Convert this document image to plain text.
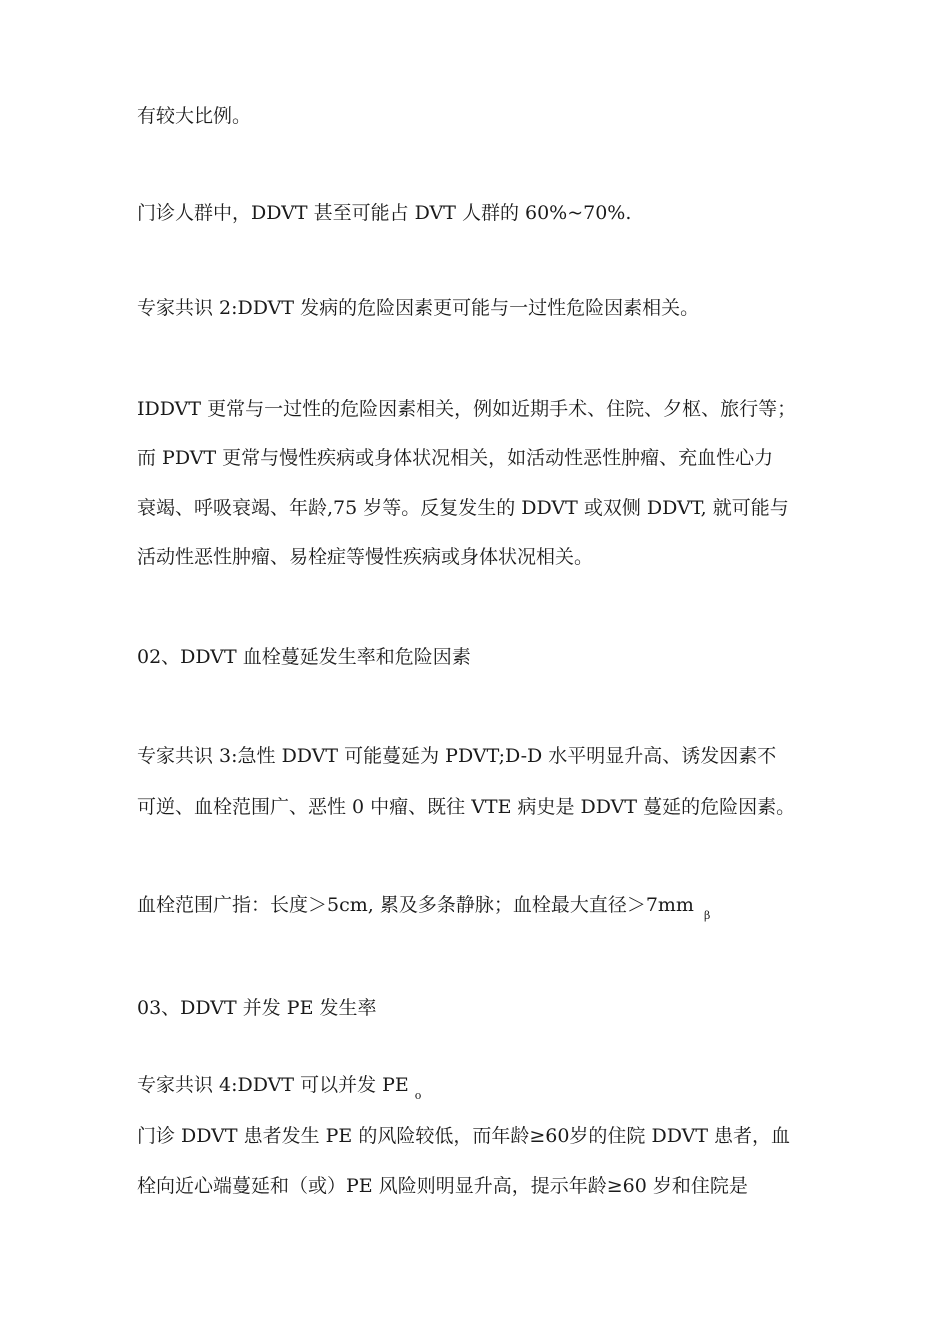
有较大比例。
门诊人群中，DDVT 甚至可能占 DVT 人群的 60%~70%.
专家共识 2:DDVT 发病的危险因素更可能与一过性危险因素相关。
IDDVT 更常与一过性的危险因素相关，例如近期手术、住院、夕枢、旅行等；
而 PDVT 更常与慢性疾病或身体状况相关，如活动性恶性肿瘤、充血性心力
衰竭、呼吸衰竭、年龄,75 岁等。反复发生的 DDVT 或双侧 DDVT, 就可能与
活动性恶性肿瘤、易栓症等慢性疾病或身体状况相关。
02、DDVT 血栓蔓延发生率和危险因素
专家共识 3:急性 DDVT 可能蔓延为 PDVT;D-D 水平明显升高、诱发因素不
可逆、血栓范围广、恶性 0 中瘤、既往 VTE 病史是 DDVT 蔓延的危险因素。
血栓范围广指：长度＞5cm, 累及多条静脉；血栓最大直径＞7mm $_\beta$
03、DDVT 并发 PE 发生率
专家共识 4:DDVT 可以并发 PE $_o$
门诊 DDVT 患者发生 PE 的风险较低，而年龄≥60岁的住院 DDVT 患者，血
栓向近心端蔓延和（或）PE 风险则明显升高，提示年龄≥60 岁和住院是
